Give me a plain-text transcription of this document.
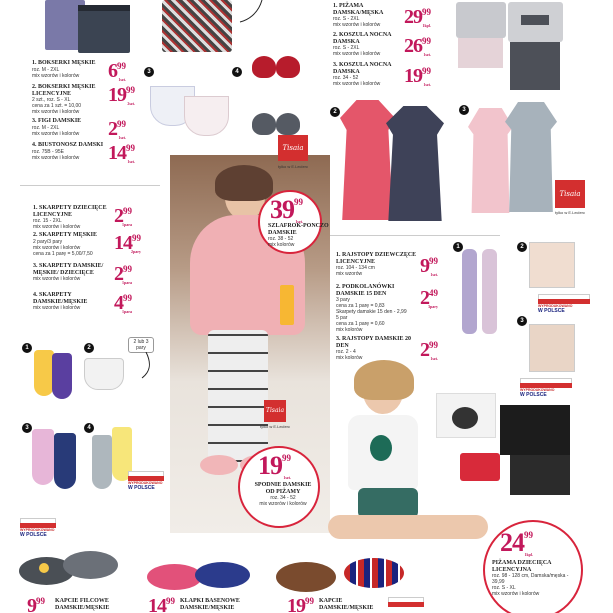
3	4
2	3
Tisaia
tylko w E.Leclerc
Tisaia
tylko w E.Leclerc
$39^{99}$
1szt.
SZLAFROK-PONCZO DAMSKIE
roz. 38 - 52
mix kolorów
Tisaia
tylko w E.Leclerc
$19^{99}$
1szt.
SPODNIE DAMSKIE OD PIŻAMY
roz. 34 - 52
mix wzorów i kolorów
1	2
2 lub 3 pary
3	4
WYPRODUKOWANO
W POLSCE
1	2
WYPRODUKOWANO
W POLSCE
3
WYPRODUKOWANO
W POLSCE
$24^{99}$
1kpl.
PIŻAMA DZIECIĘCA LICENCYJNA
roz. 98 - 128 cm, Damska/męska - 39,99
roz. S - XL
mix wzorów i kolorów
WYPRODUKOWANO
W POLSCE
1. BOKSERKI MĘSKIE
roz. M - 2XL
mix wzorów i kolorów	$6^{99}$
1szt.
2. BOKSERKI MĘSKIE LICENCYJNE
2 szt., roz. S - XL
cena za 1 szt. = 10,00
mix wzorów i kolorów
$19^{99}$
2szt.
3. FIGI DAMSKIE
roz. M - 2XL
mix wzorów i kolorów	$2^{99}$
1szt.
4. BIUSTONOSZ DAMSKI
roz. 75B - 95E
mix wzorów i kolorów	$14^{99}$
1szt.
1. PIŻAMA DAMSKA/MĘSKA
roz. S - 2XL
mix wzorów i kolorów	$29^{99}$
1kpl.
2. KOSZULA NOCNA DAMSKA
roz. S - 2XL
mix wzorów i kolorów	$26^{99}$
1szt.
3. KOSZULA NOCNA DAMSKA
roz. 34 - 52
mix wzorów i kolorów	$19^{99}$
1szt.
1. SKARPETY DZIECIĘCE LICENCYJNE
roz. 15 - 2XL
mix wzorów i kolorów
$2^{99}$
1para
2. SKARPETY MĘSKIE
2 pary/3 pary
mix wzorów i kolorów
cena za 1 parę = 5,00/7,50	$14^{99}$
2pary
3. SKARPETY DAMSKIE/ MĘSKIE/ DZIECIĘCE
mix wzorów i kolorów	$2^{99}$
1para
4. SKARPETY DAMSKIE/MĘSKIE
mix wzorów i kolorów	$4^{99}$
1para
1. RAJSTOPY DZIEWCZĘCE LICENCYJNE
roz. 104 - 134 cm
mix wzorów	$9^{99}$
1szt.
2. PODKOLANÓWKI DAMSKIE 15 DEN
3 pary
cena za 1 parę = 0,83
Skarpety damskie 15 den - 2,99
5 par
cena za 1 parę = 0,60
mix kolorów
$2^{49}$
3pary
3. RAJSTOPY DAMSKIE 20 DEN
roz. 2 - 4
mix kolorów	$2^{99}$
1szt.
$9^{99}$ KAPCIE FILCOWE DAMSKIE/MĘSKIE	$14^{99}$ KLAPKI BASENOWE DAMSKIE/MĘSKIE	$19^{99}$ KAPCIE DAMSKIE/MĘSKIE
